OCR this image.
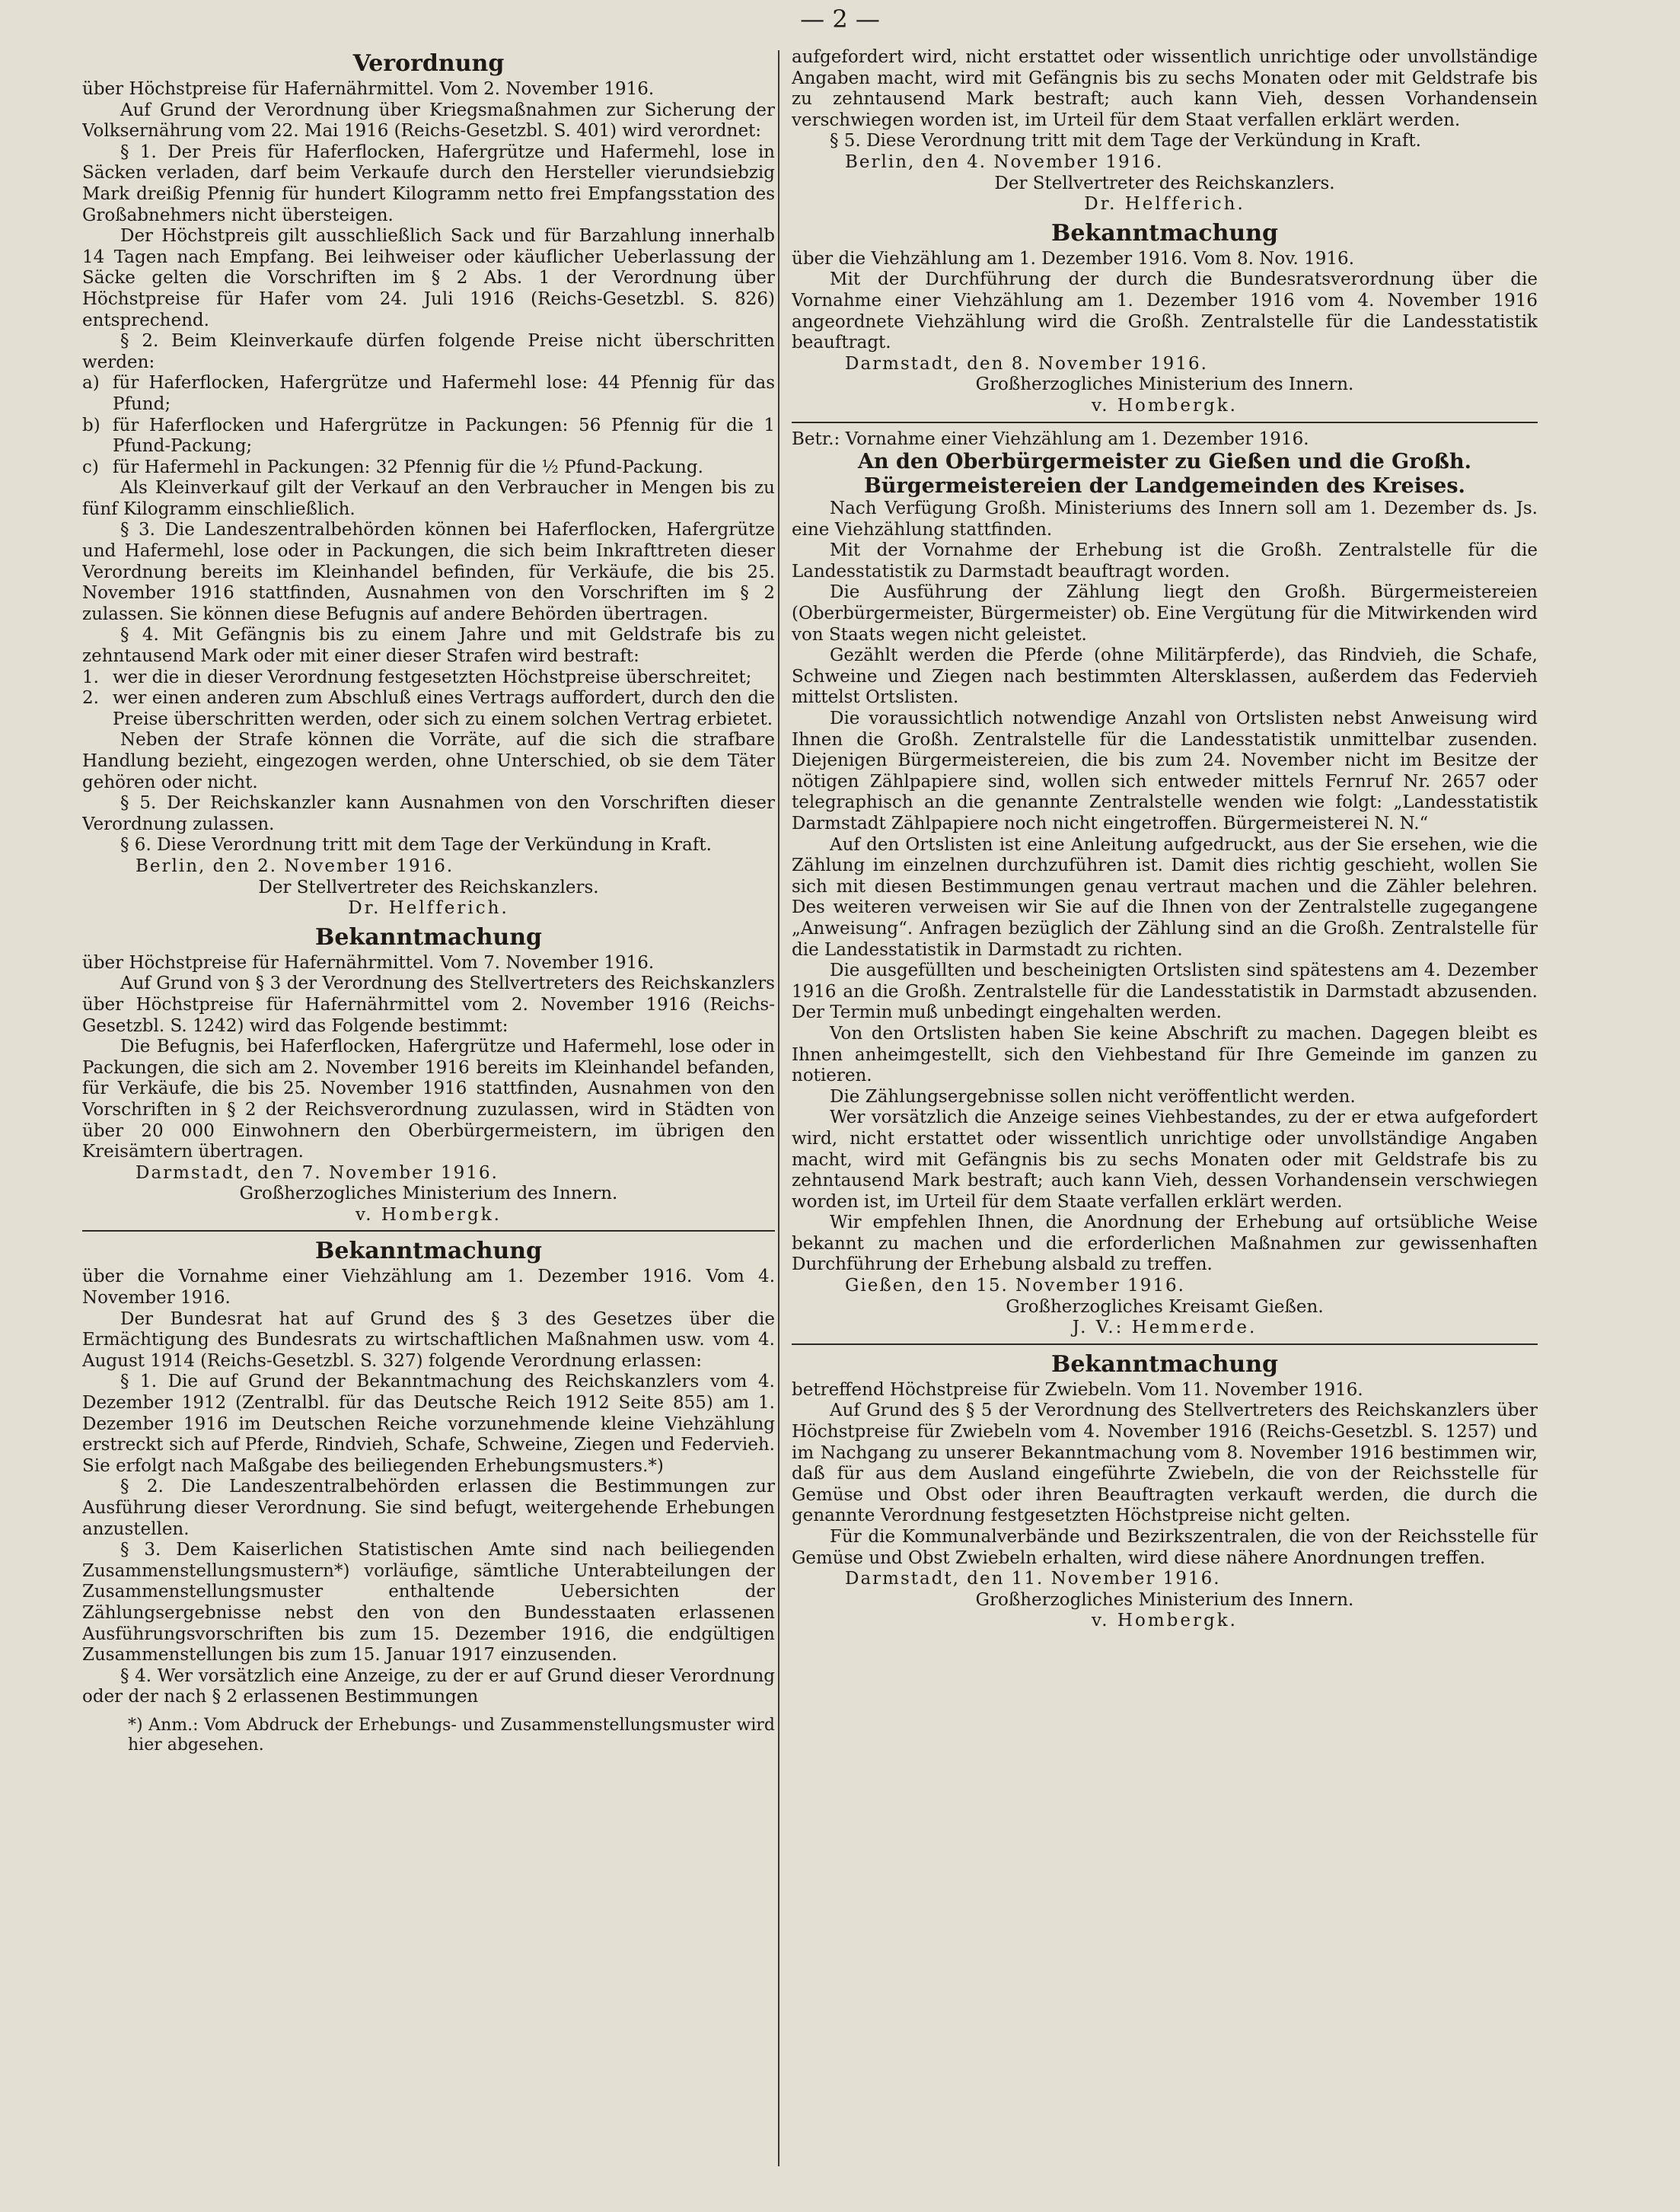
— 2 —
Verordnung
über Höchstpreise für Hafernährmittel. Vom 2. November 1916.

Auf Grund der Verordnung über Kriegsmaßnahmen zur Sicherung der Volksernährung vom 22. Mai 1916 (Reichs-Gesetzbl. S. 401) wird verordnet:

§ 1. Der Preis für Haferflocken, Hafergrütze und Hafermehl, lose in Säcken verladen, darf beim Verkaufe durch den Hersteller vierundsiebzig Mark dreißig Pfennig für hundert Kilogramm netto frei Empfangsstation des Großabnehmers nicht übersteigen.

Der Höchstpreis gilt ausschließlich Sack und für Barzahlung innerhalb 14 Tagen nach Empfang. Bei leihweiser oder käuflicher Ueberlassung der Säcke gelten die Vorschriften im § 2 Abs. 1 der Verordnung über Höchstpreise für Hafer vom 24. Juli 1916 (Reichs-Gesetzbl. S. 826) entsprechend.

§ 2. Beim Kleinverkaufe dürfen folgende Preise nicht überschritten werden:

a) für Haferflocken, Hafergrütze und Hafermehl lose: 44 Pfennig für das Pfund;

b) für Haferflocken und Hafergrütze in Packungen: 56 Pfennig für die 1 Pfund-Packung;

c) für Hafermehl in Packungen: 32 Pfennig für die ½ Pfund-Packung.

Als Kleinverkauf gilt der Verkauf an den Verbraucher in Mengen bis zu fünf Kilogramm einschließlich.

§ 3. Die Landeszentralbehörden können bei Haferflocken, Hafergrütze und Hafermehl, lose oder in Packungen, die sich beim Inkrafttreten dieser Verordnung bereits im Kleinhandel befinden, für Verkäufe, die bis 25. November 1916 stattfinden, Ausnahmen von den Vorschriften im § 2 zulassen. Sie können diese Befugnis auf andere Behörden übertragen.

§ 4. Mit Gefängnis bis zu einem Jahre und mit Geldstrafe bis zu zehntausend Mark oder mit einer dieser Strafen wird bestraft:

1. wer die in dieser Verordnung festgesetzten Höchstpreise überschreitet;

2. wer einen anderen zum Abschluß eines Vertrags auffordert, durch den die Preise überschritten werden, oder sich zu einem solchen Vertrag erbietet.

Neben der Strafe können die Vorräte, auf die sich die strafbare Handlung bezieht, eingezogen werden, ohne Unterschied, ob sie dem Täter gehören oder nicht.

§ 5. Der Reichskanzler kann Ausnahmen von den Vorschriften dieser Verordnung zulassen.

§ 6. Diese Verordnung tritt mit dem Tage der Verkündung in Kraft.

Berlin, den 2. November 1916.

Der Stellvertreter des Reichskanzlers.

Dr. Helfferich.

Bekanntmachung
über Höchstpreise für Hafernährmittel. Vom 7. November 1916.

Auf Grund von § 3 der Verordnung des Stellvertreters des Reichskanzlers über Höchstpreise für Hafernährmittel vom 2. November 1916 (Reichs-Gesetzbl. S. 1242) wird das Folgende bestimmt:

Die Befugnis, bei Haferflocken, Hafergrütze und Hafermehl, lose oder in Packungen, die sich am 2. November 1916 bereits im Kleinhandel befanden, für Verkäufe, die bis 25. November 1916 stattfinden, Ausnahmen von den Vorschriften in § 2 der Reichsverordnung zuzulassen, wird in Städten von über 20 000 Einwohnern den Oberbürgermeistern, im übrigen den Kreisämtern übertragen.

Darmstadt, den 7. November 1916.

Großherzogliches Ministerium des Innern.

v. Hombergk.

Bekanntmachung
über die Vornahme einer Viehzählung am 1. Dezember 1916. Vom 4. November 1916.

Der Bundesrat hat auf Grund des § 3 des Gesetzes über die Ermächtigung des Bundesrats zu wirtschaftlichen Maßnahmen usw. vom 4. August 1914 (Reichs-Gesetzbl. S. 327) folgende Verordnung erlassen:

§ 1. Die auf Grund der Bekanntmachung des Reichskanzlers vom 4. Dezember 1912 (Zentralbl. für das Deutsche Reich 1912 Seite 855) am 1. Dezember 1916 im Deutschen Reiche vorzunehmende kleine Viehzählung erstreckt sich auf Pferde, Rindvieh, Schafe, Schweine, Ziegen und Federvieh. Sie erfolgt nach Maßgabe des beiliegenden Erhebungsmusters.*)

§ 2. Die Landeszentralbehörden erlassen die Bestimmungen zur Ausführung dieser Verordnung. Sie sind befugt, weitergehende Erhebungen anzustellen.

§ 3. Dem Kaiserlichen Statistischen Amte sind nach beiliegenden Zusammenstellungsmustern*) vorläufige, sämtliche Unterabteilungen der Zusammenstellungsmuster enthaltende Uebersichten der Zählungsergebnisse nebst den von den Bundesstaaten erlassenen Ausführungsvorschriften bis zum 15. Dezember 1916, die endgültigen Zusammenstellungen bis zum 15. Januar 1917 einzusenden.

§ 4. Wer vorsätzlich eine Anzeige, zu der er auf Grund dieser Verordnung oder der nach § 2 erlassenen Bestimmungen

*) Anm.: Vom Abdruck der Erhebungs- und Zusammenstellungsmuster wird hier abgesehen.

aufgefordert wird, nicht erstattet oder wissentlich unrichtige oder unvollständige Angaben macht, wird mit Gefängnis bis zu sechs Monaten oder mit Geldstrafe bis zu zehntausend Mark bestraft; auch kann Vieh, dessen Vorhandensein verschwiegen worden ist, im Urteil für dem Staat verfallen erklärt werden.

§ 5. Diese Verordnung tritt mit dem Tage der Verkündung in Kraft.

Berlin, den 4. November 1916.

Der Stellvertreter des Reichskanzlers.

Dr. Helfferich.

Bekanntmachung
über die Viehzählung am 1. Dezember 1916. Vom 8. Nov. 1916.

Mit der Durchführung der durch die Bundesratsverordnung über die Vornahme einer Viehzählung am 1. Dezember 1916 vom 4. November 1916 angeordnete Viehzählung wird die Großh. Zentralstelle für die Landesstatistik beauftragt.

Darmstadt, den 8. November 1916.

Großherzogliches Ministerium des Innern.

v. Hombergk.

Betr.: Vornahme einer Viehzählung am 1. Dezember 1916.

An den Oberbürgermeister zu Gießen und die Großh. Bürgermeistereien der Landgemeinden des Kreises.

Nach Verfügung Großh. Ministeriums des Innern soll am 1. Dezember ds. Js. eine Viehzählung stattfinden.

Mit der Vornahme der Erhebung ist die Großh. Zentralstelle für die Landesstatistik zu Darmstadt beauftragt worden.

Die Ausführung der Zählung liegt den Großh. Bürgermeistereien (Oberbürgermeister, Bürgermeister) ob. Eine Vergütung für die Mitwirkenden wird von Staats wegen nicht geleistet.

Gezählt werden die Pferde (ohne Militärpferde), das Rindvieh, die Schafe, Schweine und Ziegen nach bestimmten Altersklassen, außerdem das Federvieh mittelst Ortslisten.

Die voraussichtlich notwendige Anzahl von Ortslisten nebst Anweisung wird Ihnen die Großh. Zentralstelle für die Landesstatistik unmittelbar zusenden. Diejenigen Bürgermeistereien, die bis zum 24. November nicht im Besitze der nötigen Zählpapiere sind, wollen sich entweder mittels Fernruf Nr. 2657 oder telegraphisch an die genannte Zentralstelle wenden wie folgt: „Landesstatistik Darmstadt Zählpapiere noch nicht eingetroffen. Bürgermeisterei N. N.“

Auf den Ortslisten ist eine Anleitung aufgedruckt, aus der Sie ersehen, wie die Zählung im einzelnen durchzuführen ist. Damit dies richtig geschieht, wollen Sie sich mit diesen Bestimmungen genau vertraut machen und die Zähler belehren. Des weiteren verweisen wir Sie auf die Ihnen von der Zentralstelle zugegangene „Anweisung“. Anfragen bezüglich der Zählung sind an die Großh. Zentralstelle für die Landesstatistik in Darmstadt zu richten.

Die ausgefüllten und bescheinigten Ortslisten sind spätestens am 4. Dezember 1916 an die Großh. Zentralstelle für die Landesstatistik in Darmstadt abzusenden. Der Termin muß unbedingt eingehalten werden.

Von den Ortslisten haben Sie keine Abschrift zu machen. Dagegen bleibt es Ihnen anheimgestellt, sich den Viehbestand für Ihre Gemeinde im ganzen zu notieren.

Die Zählungsergebnisse sollen nicht veröffentlicht werden.

Wer vorsätzlich die Anzeige seines Viehbestandes, zu der er etwa aufgefordert wird, nicht erstattet oder wissentlich unrichtige oder unvollständige Angaben macht, wird mit Gefängnis bis zu sechs Monaten oder mit Geldstrafe bis zu zehntausend Mark bestraft; auch kann Vieh, dessen Vorhandensein verschwiegen worden ist, im Urteil für dem Staate verfallen erklärt werden.

Wir empfehlen Ihnen, die Anordnung der Erhebung auf ortsübliche Weise bekannt zu machen und die erforderlichen Maßnahmen zur gewissenhaften Durchführung der Erhebung alsbald zu treffen.

Gießen, den 15. November 1916.

Großherzogliches Kreisamt Gießen.

J. V.: Hemmerde.

Bekanntmachung
betreffend Höchstpreise für Zwiebeln. Vom 11. November 1916.

Auf Grund des § 5 der Verordnung des Stellvertreters des Reichskanzlers über Höchstpreise für Zwiebeln vom 4. November 1916 (Reichs-Gesetzbl. S. 1257) und im Nachgang zu unserer Bekanntmachung vom 8. November 1916 bestimmen wir, daß für aus dem Ausland eingeführte Zwiebeln, die von der Reichsstelle für Gemüse und Obst oder ihren Beauftragten verkauft werden, die durch die genannte Verordnung festgesetzten Höchstpreise nicht gelten.

Für die Kommunalverbände und Bezirkszentralen, die von der Reichsstelle für Gemüse und Obst Zwiebeln erhalten, wird diese nähere Anordnungen treffen.

Darmstadt, den 11. November 1916.

Großherzogliches Ministerium des Innern.

v. Hombergk.
